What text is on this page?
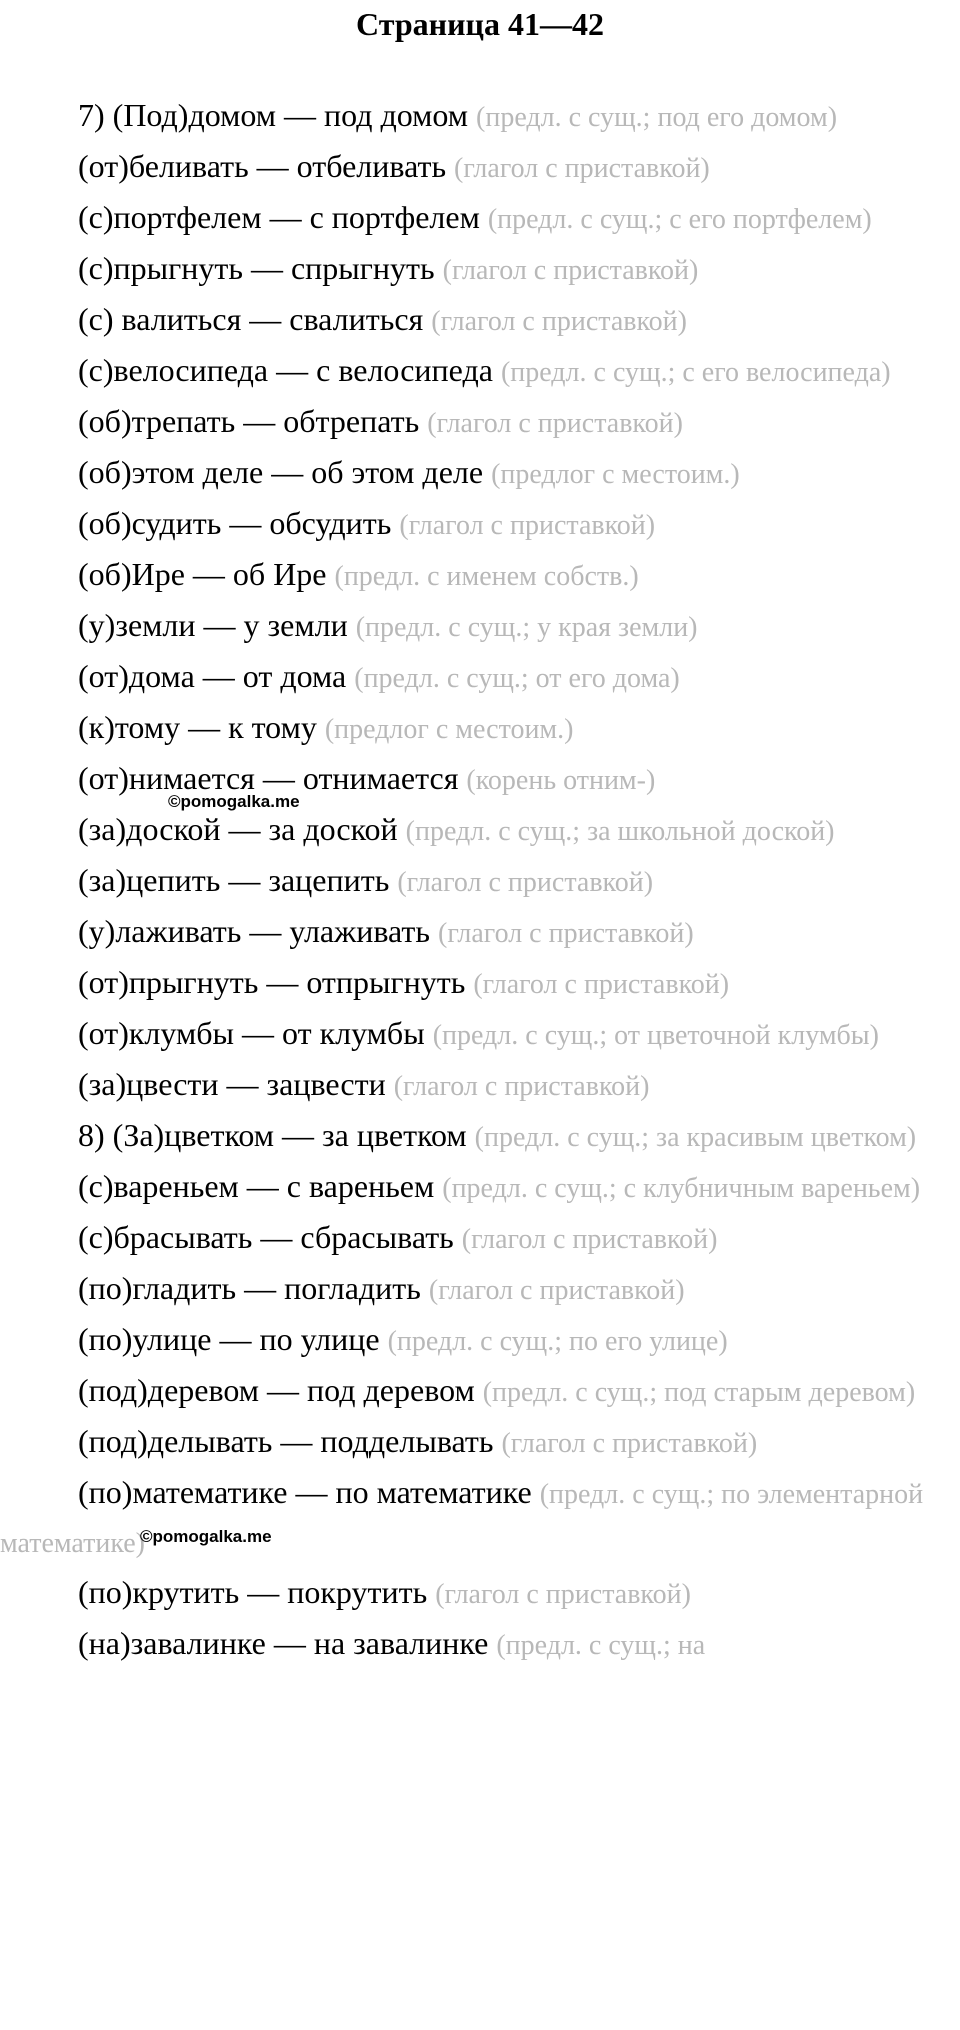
Страница 41—42

7) (Под)домом — под домом (предл. с сущ.; под его домом)

(от)беливать — отбеливать (глагол с приставкой)

(с)портфелем — с портфелем (предл. с сущ.; с его портфелем)

(с)прыгнуть — спрыгнуть (глагол с приставкой)

(с) валиться — свалиться (глагол с приставкой)

(с)велосипеда — с велосипеда (предл. с сущ.; с его велосипеда)

(об)трепать — обтрепать (глагол с приставкой)

(об)этом деле — об этом деле (предлог с местоим.)

(об)судить — обсудить (глагол с приставкой)

(об)Ире — об Ире (предл. с именем собств.)

(у)земли — у земли (предл. с сущ.; у края земли)

(от)дома — от дома (предл. с сущ.; от его дома)

(к)тому — к тому (предлог с местоим.)

(от)нимается — отнимается (корень отним-)

(за)доской — за доской (предл. с сущ.; за школьной доской)

(за)цепить — зацепить (глагол с приставкой)

(у)лаживать — улаживать (глагол с приставкой)

(от)прыгнуть — отпрыгнуть (глагол с приставкой)

(от)клумбы — от клумбы (предл. с сущ.; от цветочной клумбы)

(за)цвести — зацвести (глагол с приставкой)

8) (За)цветком — за цветком (предл. с сущ.; за красивым цветком)

(с)вареньем — с вареньем (предл. с сущ.; с клубничным вареньем)

(с)брасывать — сбрасывать (глагол с приставкой)

(по)гладить — погладить (глагол с приставкой)

(по)улице — по улице (предл. с сущ.; по его улице)

(под)деревом — под деревом (предл. с сущ.; под старым деревом)

(под)делывать — подделывать (глагол с приставкой)

(по)математике — по математике (предл. с сущ.; по элементарной математике)

(по)крутить — покрутить (глагол с приставкой)

(на)завалинке — на завалинке (предл. с сущ.; на

©pomogalka.me
©pomogalka.me
